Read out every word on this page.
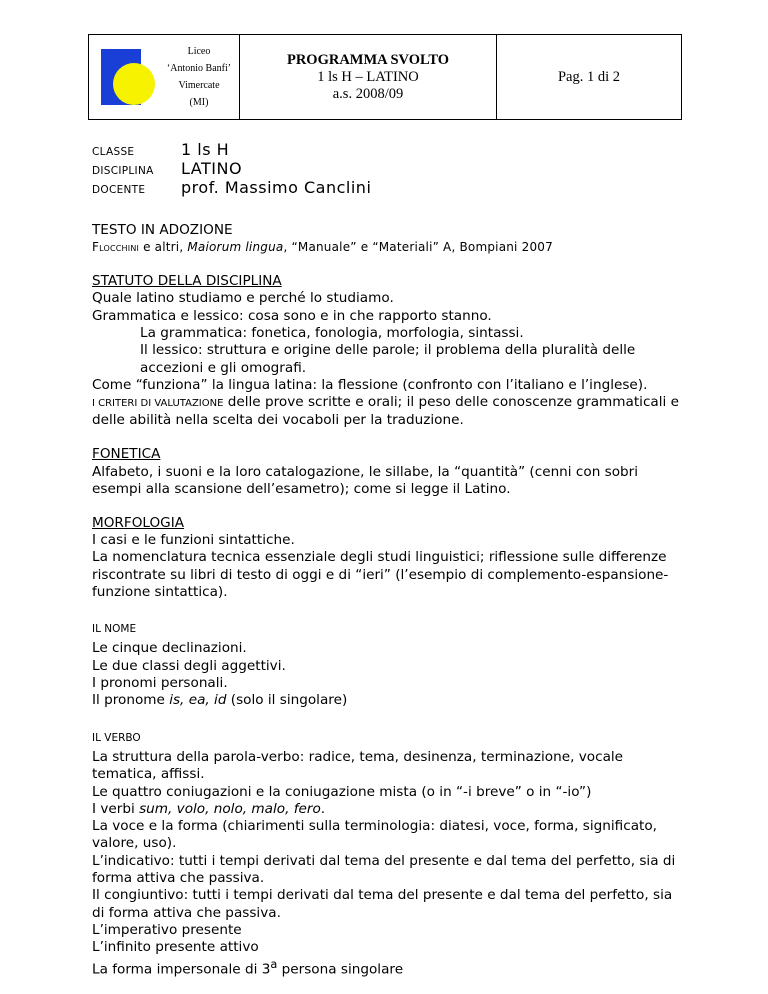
Liceo
‘Antonio Banfi’
Vimercate
(MI)
PROGRAMMA SVOLTO
1 ls H – LATINO
a.s. 2008/09
Pag. 1 di 2
CLASSE	1 ls H
DISCIPLINA	LATINO
DOCENTE	prof. Massimo Canclini

TESTO IN ADOZIONE

Flocchini e altri, Maiorum lingua, “Manuale” e “Materiali” A, Bompiani 2007

STATUTO DELLA DISCIPLINA

Quale latino studiamo e perché lo studiamo.

Grammatica e lessico: cosa sono e in che rapporto stanno.

La grammatica: fonetica, fonologia, morfologia, sintassi.

Il lessico: struttura e origine delle parole; il problema della pluralità delle accezioni e gli omografi.

Come “funziona” la lingua latina: la flessione (confronto con l’italiano e l’inglese).

I CRITERI DI VALUTAZIONE delle prove scritte e orali; il peso delle conoscenze grammaticali e delle abilità nella scelta dei vocaboli per la traduzione.

FONETICA

Alfabeto, i suoni e la loro catalogazione, le sillabe, la “quantità” (cenni con sobri esempi alla scansione dell’esametro); come si legge il Latino.

MORFOLOGIA

I casi e le funzioni sintattiche.

La nomenclatura tecnica essenziale degli studi linguistici; riflessione sulle differenze riscontrate su libri di testo di oggi e di “ieri” (l’esempio di complemento-espansione-funzione sintattica).

IL NOME

Le cinque declinazioni.

Le due classi degli aggettivi.

I pronomi personali.

Il pronome is, ea, id (solo il singolare)

IL VERBO

La struttura della parola-verbo: radice, tema, desinenza, terminazione, vocale tematica, affissi.

Le quattro coniugazioni e la coniugazione mista (o in “-i breve” o in “-io”)

I verbi sum, volo, nolo, malo, fero.

La voce e la forma (chiarimenti sulla terminologia: diatesi, voce, forma, significato, valore, uso).

L’indicativo: tutti i tempi derivati dal tema del presente e dal tema del perfetto, sia di forma attiva che passiva.

Il congiuntivo: tutti i tempi derivati dal tema del presente e dal tema del perfetto, sia di forma attiva che passiva.

L’imperativo presente

L’infinito presente attivo

La forma impersonale di 3$^a$ persona singolare
